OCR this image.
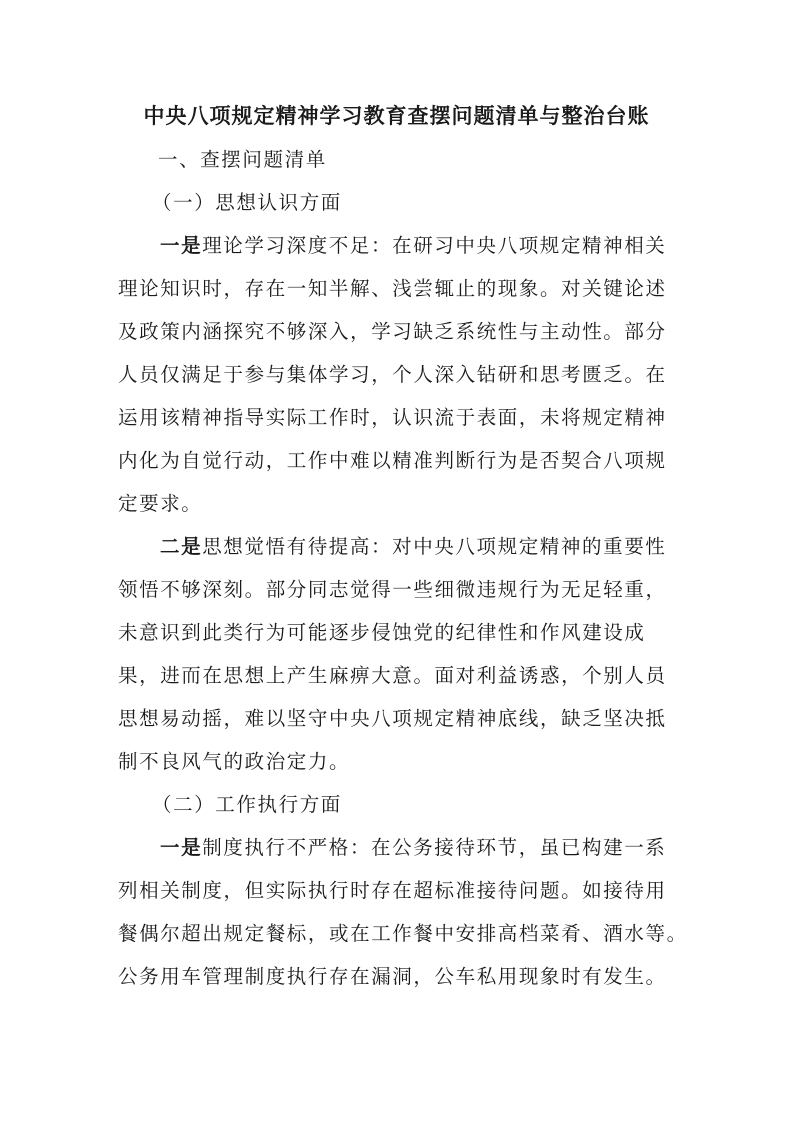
中央八项规定精神学习教育查摆问题清单与整治台账

一、查摆问题清单

（一）思想认识方面

一是理论学习深度不足：在研习中央八项规定精神相关

理论知识时，存在一知半解、浅尝辄止的现象。对关键论述

及政策内涵探究不够深入，学习缺乏系统性与主动性。部分

人员仅满足于参与集体学习，个人深入钻研和思考匮乏。在

运用该精神指导实际工作时，认识流于表面，未将规定精神

内化为自觉行动，工作中难以精准判断行为是否契合八项规

定要求。

二是思想觉悟有待提高：对中央八项规定精神的重要性

领悟不够深刻。部分同志觉得一些细微违规行为无足轻重，

未意识到此类行为可能逐步侵蚀党的纪律性和作风建设成

果，进而在思想上产生麻痹大意。面对利益诱惑，个别人员

思想易动摇，难以坚守中央八项规定精神底线，缺乏坚决抵

制不良风气的政治定力。

（二）工作执行方面

一是制度执行不严格：在公务接待环节，虽已构建一系

列相关制度，但实际执行时存在超标准接待问题。如接待用

餐偶尔超出规定餐标，或在工作餐中安排高档菜肴、酒水等。

公务用车管理制度执行存在漏洞，公车私用现象时有发生。
